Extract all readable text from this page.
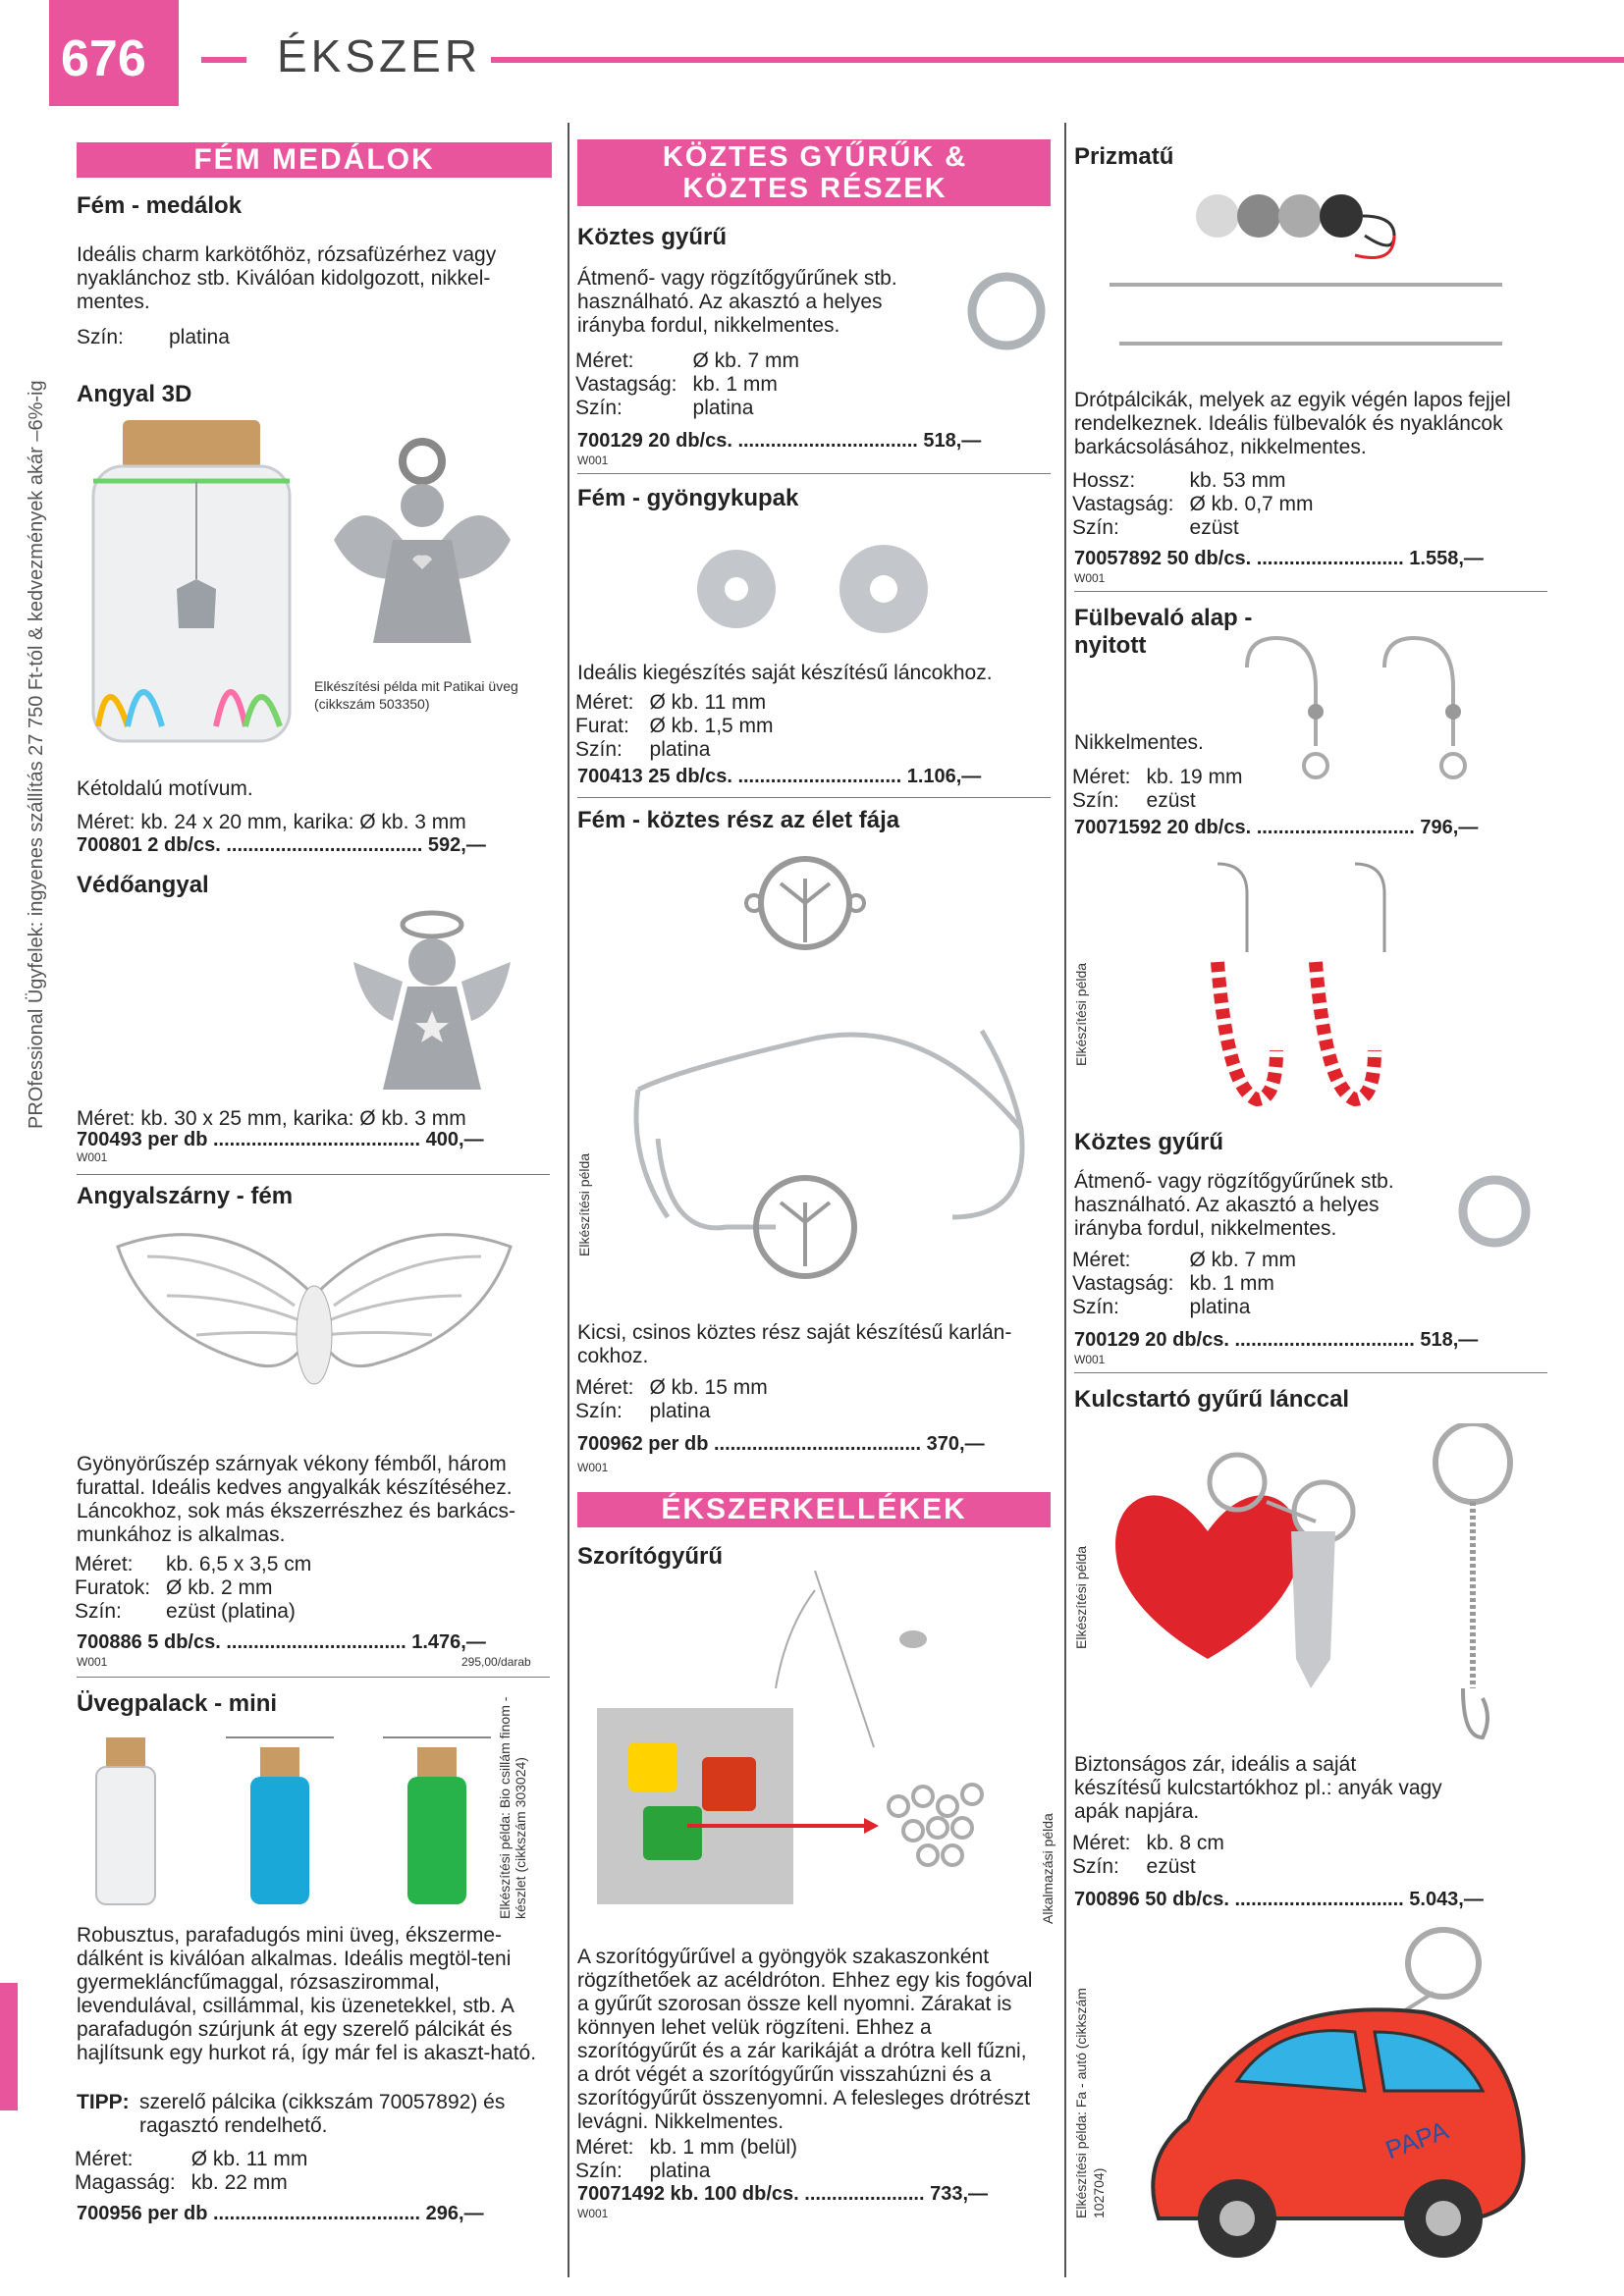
676	ÉKSZER
PROfessional Ügyfelek: ingyenes szállítás 27 750 Ft-tól & kedvezmények akár –6%-ig
FÉM MEDÁLOK
Fém - medálok
Ideális charm karkötőhöz, rózsafüzérhez vagy nyaklánchoz stb. Kiválóan kidolgozott, nikkel-mentes.
Szín: platina
Angyal 3D
Elkészítési példa mit Patikai üveg (cikkszám 503350)
Kétoldalú motívum.
Méret: kb. 24 x 20 mm, karika: Ø kb. 3 mm
700801 2 db/cs. .................................... 592,—
Védőangyal
Méret: kb. 30 x 25 mm, karika: Ø kb. 3 mm
700493 per db ...................................... 400,—
W001
Angyalszárny - fém
Gyönyörűszép szárnyak vékony fémből, három furattal. Ideális kedves angyalkák készítéséhez. Láncokhoz, sok más ékszerrészhez és barkács-munkához is alkalmas.
Méret:	kb. 6,5 x 3,5 cm
Furatok:	Ø kb. 2 mm
Szín:	ezüst (platina)
700886 5 db/cs. ................................. 1.476,—
W001	295,00/darab
Üvegpalack - mini	Elkészítési példa: Bio csillám finom - készlet (cikkszám 303024)
Robusztus, parafadugós mini üveg, ékszerme-dálként is kiválóan alkalmas. Ideális megtöl-teni gyermekláncfűmaggal, rózsaszirommal, levendulával, csillámmal, kis üzenetekkel, stb. A parafadugón szúrjunk át egy szerelő pálcikát és hajlítsunk egy hurkot rá, így már fel is akaszt-ható.
TIPP: szerelő pálcika (cikkszám 70057892) és ragasztó rendelhető.
Méret:	Ø kb. 11 mm
Magasság:	kb. 22 mm
700956 per db ...................................... 296,—
KÖZTES GYŰRŰK & KÖZTES RÉSZEK
Köztes gyűrű
Átmenő- vagy rögzítőgyűrűnek stb. használható. Az akasztó a helyes irányba fordul, nikkelmentes.
Méret:	Ø kb. 7 mm
Vastagság:	kb. 1 mm
Szín:	platina
700129 20 db/cs. ................................. 518,—
W001
Fém - gyöngykupak
Ideális kiegészítés saját készítésű láncokhoz.
Méret:	Ø kb. 11 mm
Furat:	Ø kb. 1,5 mm
Szín:	platina
700413 25 db/cs. .............................. 1.106,—
Fém - köztes rész az élet fája
Elkészítési példa
Kicsi, csinos köztes rész saját készítésű karlán-cokhoz.
Méret:	Ø kb. 15 mm
Szín:	platina
700962 per db ...................................... 370,—
W001
ÉKSZERKELLÉKEK
Szorítógyűrű
Alkalmazási példa
A szorítógyűrűvel a gyöngyök szakaszonként rögzíthetőek az acéldróton. Ehhez egy kis fogóval a gyűrűt szorosan össze kell nyomni. Zárakat is könnyen lehet velük rögzíteni. Ehhez a szorítógyűrűt és a zár karikáját a drótra kell fűzni, a drót végét a szorítógyűrűn visszahúzni és a szorítógyűrűt összenyomni. A felesleges drótrészt levágni. Nikkelmentes.
Méret:	kb. 1 mm (belül)
Szín:	platina
70071492 kb. 100 db/cs. ...................... 733,—
W001
Prizmatű
Drótpálcikák, melyek az egyik végén lapos fejjel rendelkeznek. Ideális fülbevalók és nyakláncok barkácsolásához, nikkelmentes.
Hossz:	kb. 53 mm
Vastagság:	Ø kb. 0,7 mm
Szín:	ezüst
70057892 50 db/cs. ........................... 1.558,—
W001
Fülbevaló alap - nyitott
Nikkelmentes.
Méret:	kb. 19 mm
Szín:	ezüst
70071592 20 db/cs. ............................. 796,—
Elkészítési példa
Köztes gyűrű
Átmenő- vagy rögzítőgyűrűnek stb. használható. Az akasztó a helyes irányba fordul, nikkelmentes.
Méret:	Ø kb. 7 mm
Vastagság:	kb. 1 mm
Szín:	platina
700129 20 db/cs. ................................. 518,—
W001
Kulcstartó gyűrű lánccal
Elkészítési példa
Biztonságos zár, ideális a saját készítésű kulcstartókhoz pl.: anyák vagy apák napjára.
Méret:	kb. 8 cm
Szín:	ezüst
700896 50 db/cs. ............................... 5.043,—
PAPA
Elkészítési példa: Fa - autó (cikkszám 102704)
